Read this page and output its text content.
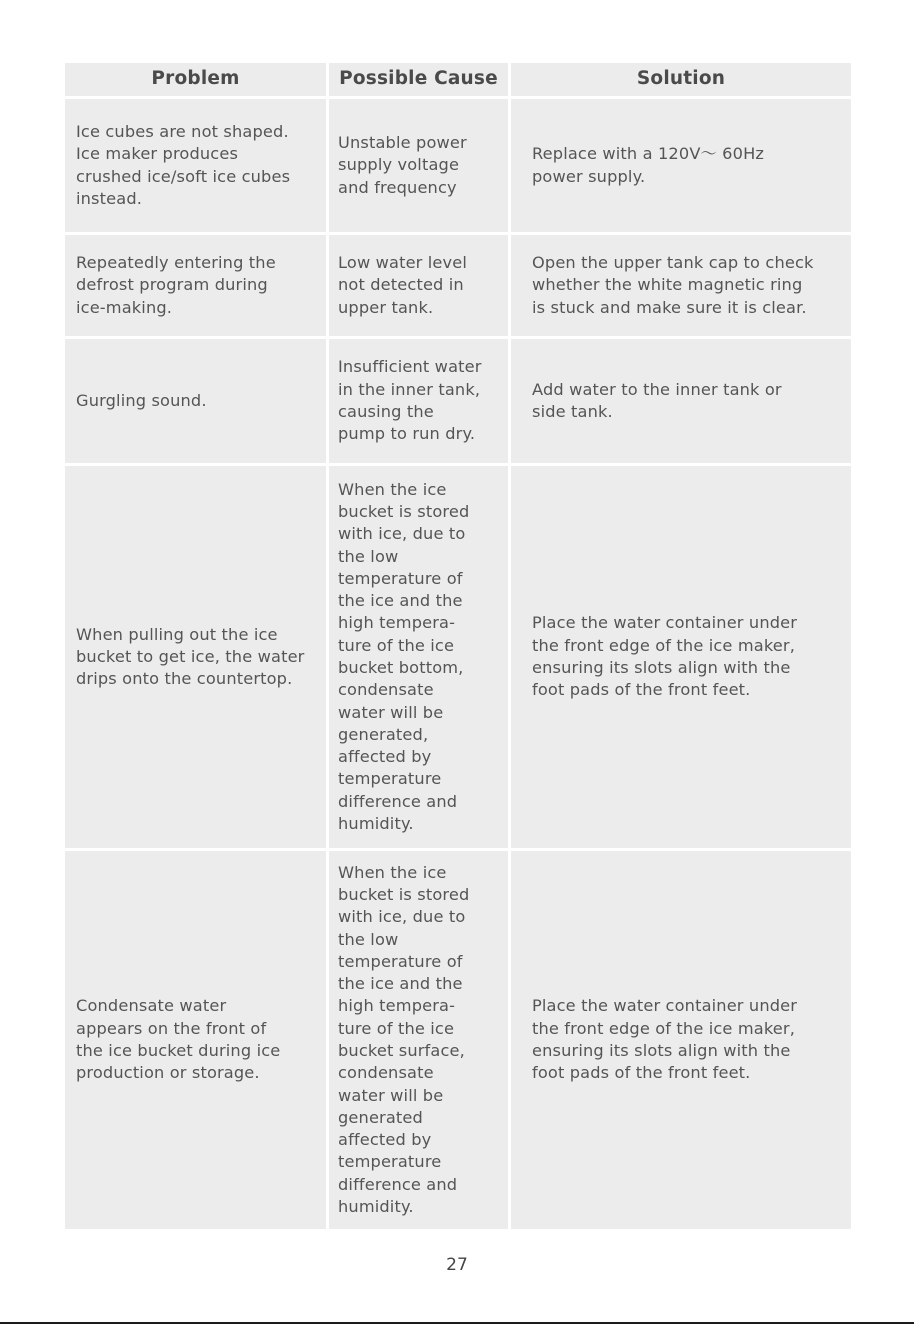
Problem	Possible Cause	Solution
Ice cubes are not shaped.
Ice maker produces
crushed ice/soft ice cubes
instead.
Unstable power
supply voltage
and frequency
Replace with a 120V～ 60Hz
power supply.
Repeatedly entering the
defrost program during
ice-making.
Low water level
not detected in
upper tank.
Open the upper tank cap to check
whether the white magnetic ring
is stuck and make sure it is clear.
Gurgling sound.
Insufficient water
in the inner tank,
causing the
pump to run dry.
Add water to the inner tank or
side tank.
When pulling out the ice
bucket to get ice, the water
drips onto the countertop.
When the ice
bucket is stored
with ice, due to
the low
temperature of
the ice and the
high tempera-
ture of the ice
bucket bottom,
condensate
water will be
generated,
affected by
temperature
difference and
humidity.
Place the water container under
the front edge of the ice maker,
ensuring its slots align with the
foot pads of the front feet.
Condensate water
appears on the front of
the ice bucket during ice
production or storage.
When the ice
bucket is stored
with ice, due to
the low
temperature of
the ice and the
high tempera-
ture of the ice
bucket surface,
condensate
water will be
generated
affected by
temperature
difference and
humidity.
Place the water container under
the front edge of the ice maker,
ensuring its slots align with the
foot pads of the front feet.
27
